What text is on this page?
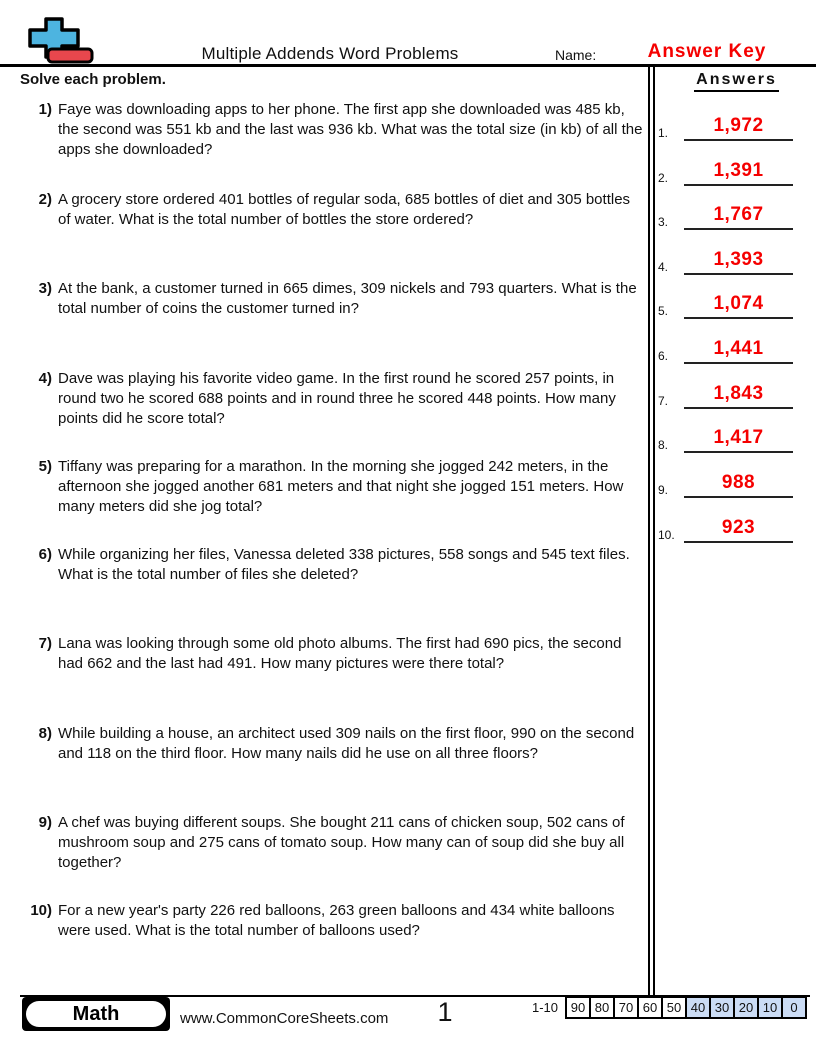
Multiple Addends Word Problems	Name:	Answer Key
Solve each problem.
1) Faye was downloading apps to her phone. The first app she downloaded was 485 kb, the second was 551 kb and the last was 936 kb. What was the total size (in kb) of all the apps she downloaded?
2) A grocery store ordered 401 bottles of regular soda, 685 bottles of diet and 305 bottles of water. What is the total number of bottles the store ordered?
3) At the bank, a customer turned in 665 dimes, 309 nickels and 793 quarters. What is the total number of coins the customer turned in?
4) Dave was playing his favorite video game. In the first round he scored 257 points, in round two he scored 688 points and in round three he scored 448 points. How many points did he score total?
5) Tiffany was preparing for a marathon. In the morning she jogged 242 meters, in the afternoon she jogged another 681 meters and that night she jogged 151 meters. How many meters did she jog total?
6) While organizing her files, Vanessa deleted 338 pictures, 558 songs and 545 text files. What is the total number of files she deleted?
7) Lana was looking through some old photo albums. The first had 690 pics, the second had 662 and the last had 491. How many pictures were there total?
8) While building a house, an architect used 309 nails on the first floor, 990 on the second and 118 on the third floor. How many nails did he use on all three floors?
9) A chef was buying different soups. She bought 211 cans of chicken soup, 502 cans of mushroom soup and 275 cans of tomato soup. How many can of soup did she buy all together?
10) For a new year's party 226 red balloons, 263 green balloons and 434 white balloons were used. What is the total number of balloons used?
Answers
1.	1,972
2.	1,391
3.	1,767
4.	1,393
5.	1,074
6.	1,441
7.	1,843
8.	1,417
9.	988
10.	923
Math	www.CommonCoreSheets.com	1	1-10 90 80 70 60 50 40 30 20 10	0
